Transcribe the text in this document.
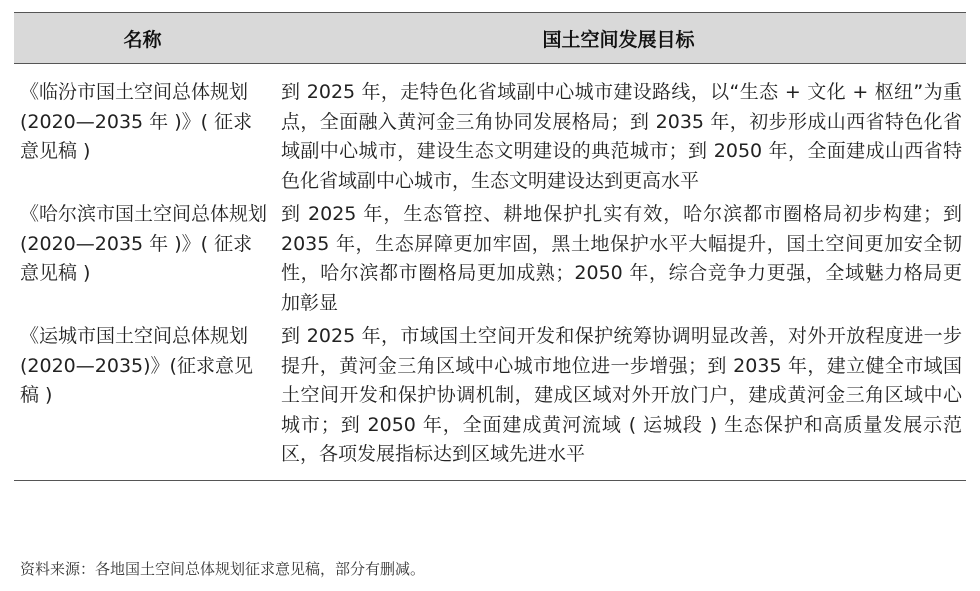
名称	国土空间发展目标
《临汾市国土空间总体规划 (2020—2035 年 )》( 征求意见稿 )	到 2025 年，走特色化省域副中心城市建设路线，以“生态 + 文化 + 枢纽”为重点，全面融入黄河金三角协同发展格局；到 2035 年，初步形成山西省特色化省域副中心城市，建设生态文明建设的典范城市；到 2050 年，全面建成山西省特色化省域副中心城市，生态文明建设达到更高水平
《哈尔滨市国土空间总体规划 (2020—2035 年 )》( 征求意见稿 )	到 2025 年，生态管控、耕地保护扎实有效，哈尔滨都市圈格局初步构建；到 2035 年，生态屏障更加牢固，黑土地保护水平大幅提升，国土空间更加安全韧性，哈尔滨都市圈格局更加成熟；2050 年，综合竞争力更强，全域魅力格局更加彰显
《运城市国土空间总体规划(2020—2035)》(征求意见稿 )	到 2025 年，市域国土空间开发和保护统筹协调明显改善，对外开放程度进一步提升，黄河金三角区域中心城市地位进一步增强；到 2035 年，建立健全市域国土空间开发和保护协调机制，建成区域对外开放门户，建成黄河金三角区域中心城市；到 2050 年，全面建成黄河流域 ( 运城段 ) 生态保护和高质量发展示范区，各项发展指标达到区域先进水平
资料来源：各地国土空间总体规划征求意见稿，部分有删减。
